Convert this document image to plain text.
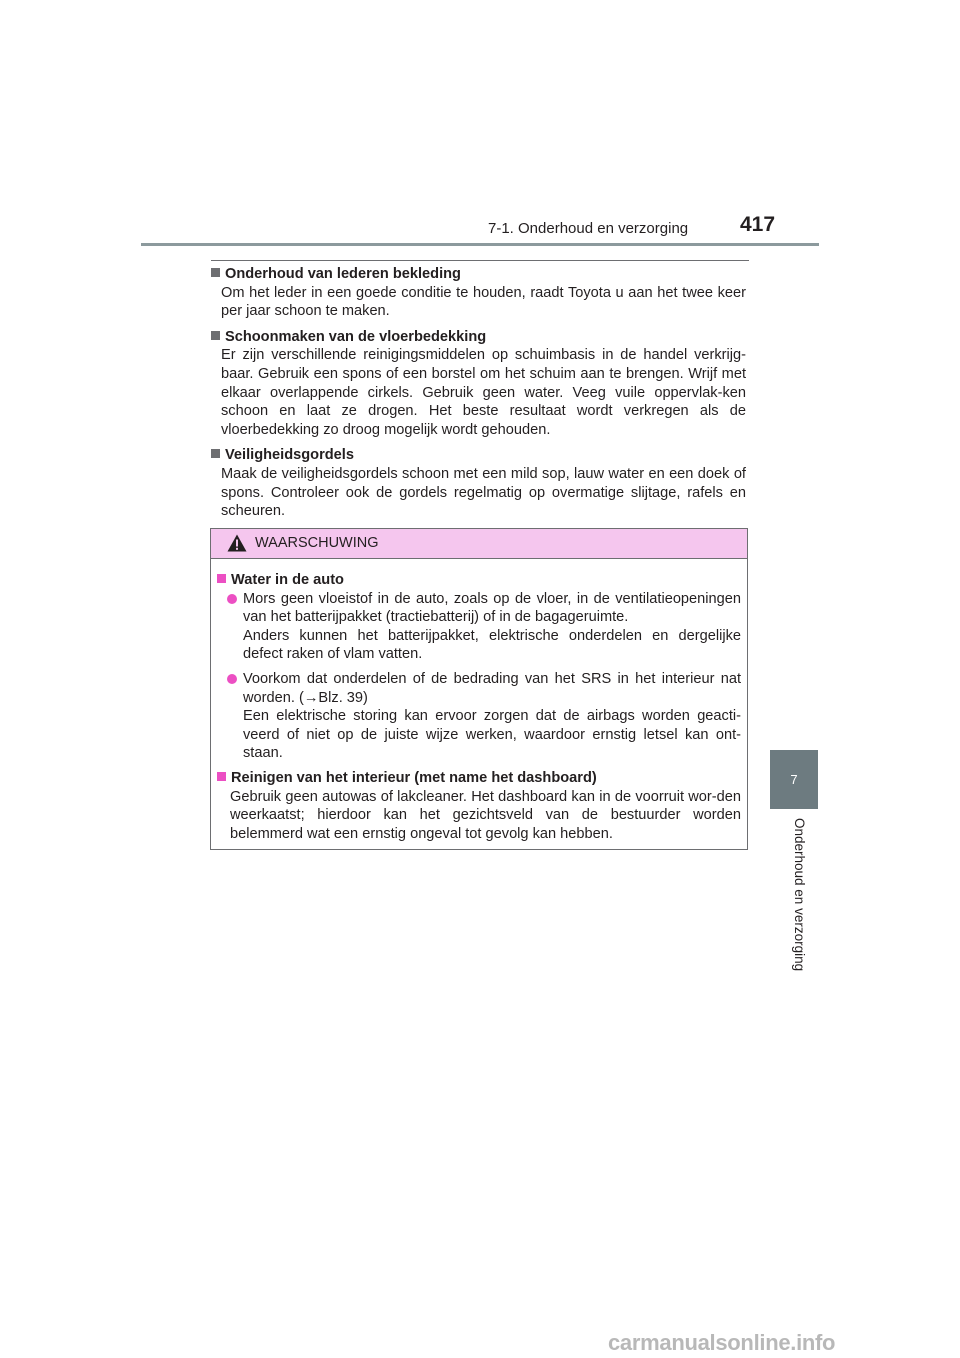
7-1. Onderhoud en verzorging 417
Onderhoud van lederen bekleding
Om het leder in een goede conditie te houden, raadt Toyota u aan het twee keer per jaar schoon te maken.
Schoonmaken van de vloerbedekking
Er zijn verschillende reinigingsmiddelen op schuimbasis in de handel verkrijg-baar. Gebruik een spons of een borstel om het schuim aan te brengen. Wrijf met elkaar overlappende cirkels. Gebruik geen water. Veeg vuile oppervlak-ken schoon en laat ze drogen. Het beste resultaat wordt verkregen als de vloerbedekking zo droog mogelijk wordt gehouden.
Veiligheidsgordels
Maak de veiligheidsgordels schoon met een mild sop, lauw water en een doek of spons. Controleer ook de gordels regelmatig op overmatige slijtage, rafels en scheuren.
WAARSCHUWING
Water in de auto
Mors geen vloeistof in de auto, zoals op de vloer, in de ventilatieopeningen van het batterijpakket (tractiebatterij) of in de bagageruimte.
Anders kunnen het batterijpakket, elektrische onderdelen en dergelijke defect raken of vlam vatten.
Voorkom dat onderdelen of de bedrading van het SRS in het interieur nat worden. (→Blz. 39)
Een elektrische storing kan ervoor zorgen dat de airbags worden geacti-veerd of niet op de juiste wijze werken, waardoor ernstig letsel kan ont-staan.
Reinigen van het interieur (met name het dashboard)
Gebruik geen autowas of lakcleaner. Het dashboard kan in de voorruit wor-den weerkaatst; hierdoor kan het gezichtsveld van de bestuurder worden belemmerd wat een ernstig ongeval tot gevolg kan hebben.
7
Onderhoud en verzorging
carmanualsonline.info
